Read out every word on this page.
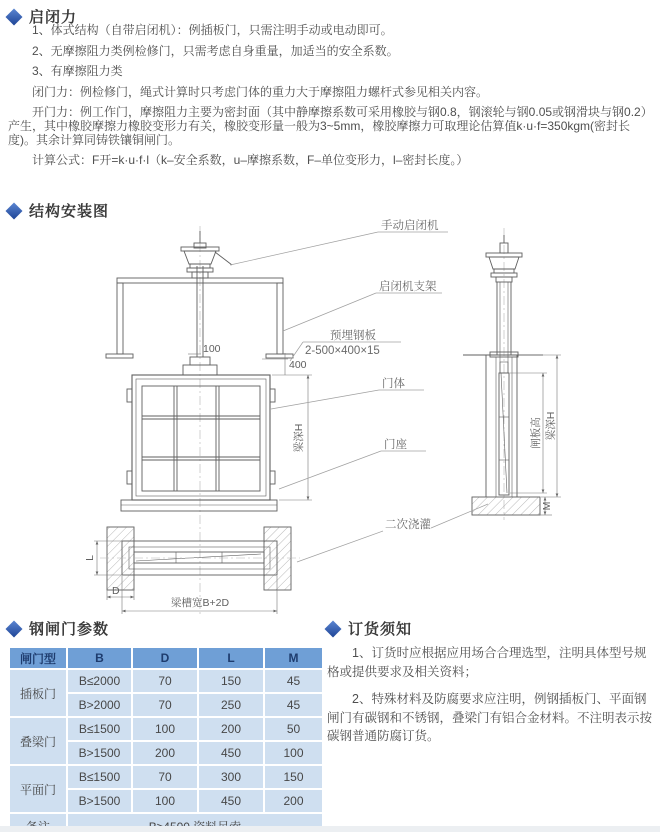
启闭力

1、体式结构（自带启闭机）：例插板门，只需注明手动或电动即可。

2、无摩擦阻力类例检修门，只需考虑自身重量，加适当的安全系数。

3、有摩擦阻力类

闭门力：例检修门，绳式计算时只考虑门体的重力大于摩擦阻力螺杆式参见相关内容。

开门力：例工作门，摩擦阻力主要为密封面（其中静摩擦系数可采用橡胶与钢0.8，钢滚轮与钢0.05或钢滑块与钢0.2）产生，其中橡胶摩擦力橡胶变形力有关，橡胶变形量一般为3~5mm，橡胶摩擦力可取理论估算值k·u·f=350kgm(密封长度)。其余计算同铸铁镶铜闸门。

计算公式：F开=k·u·f·l（k–安全系数，u–摩擦系数，F–单位变形力，l–密封长度。）

结构安装图
手动启闭机
启闭机支架
预埋钢板
2-500×400×15
门体
门座
二次浇灌
100
400
梁深H
L
D
梁槽宽B+2D
闸板高 梁深H
M
钢闸门参数
闸门型	B	D	L	M
插板门	B≤2000	70	150	45
	B>2000	70	250	45
叠梁门	B≤1500	100	200	50
	B>1500	200	450	100
平面门	B≤1500	70	300	150
	B>1500	100	450	200

订货须知

1、订货时应根据应用场合合理选型，注明具体型号规格或提供要求及相关资料；

2、特殊材料及防腐要求应注明，例钢插板门、平面钢闸门有碳钢和不锈钢，叠梁门有铝合金材料。不注明表示按碳钢普通防腐订货。
